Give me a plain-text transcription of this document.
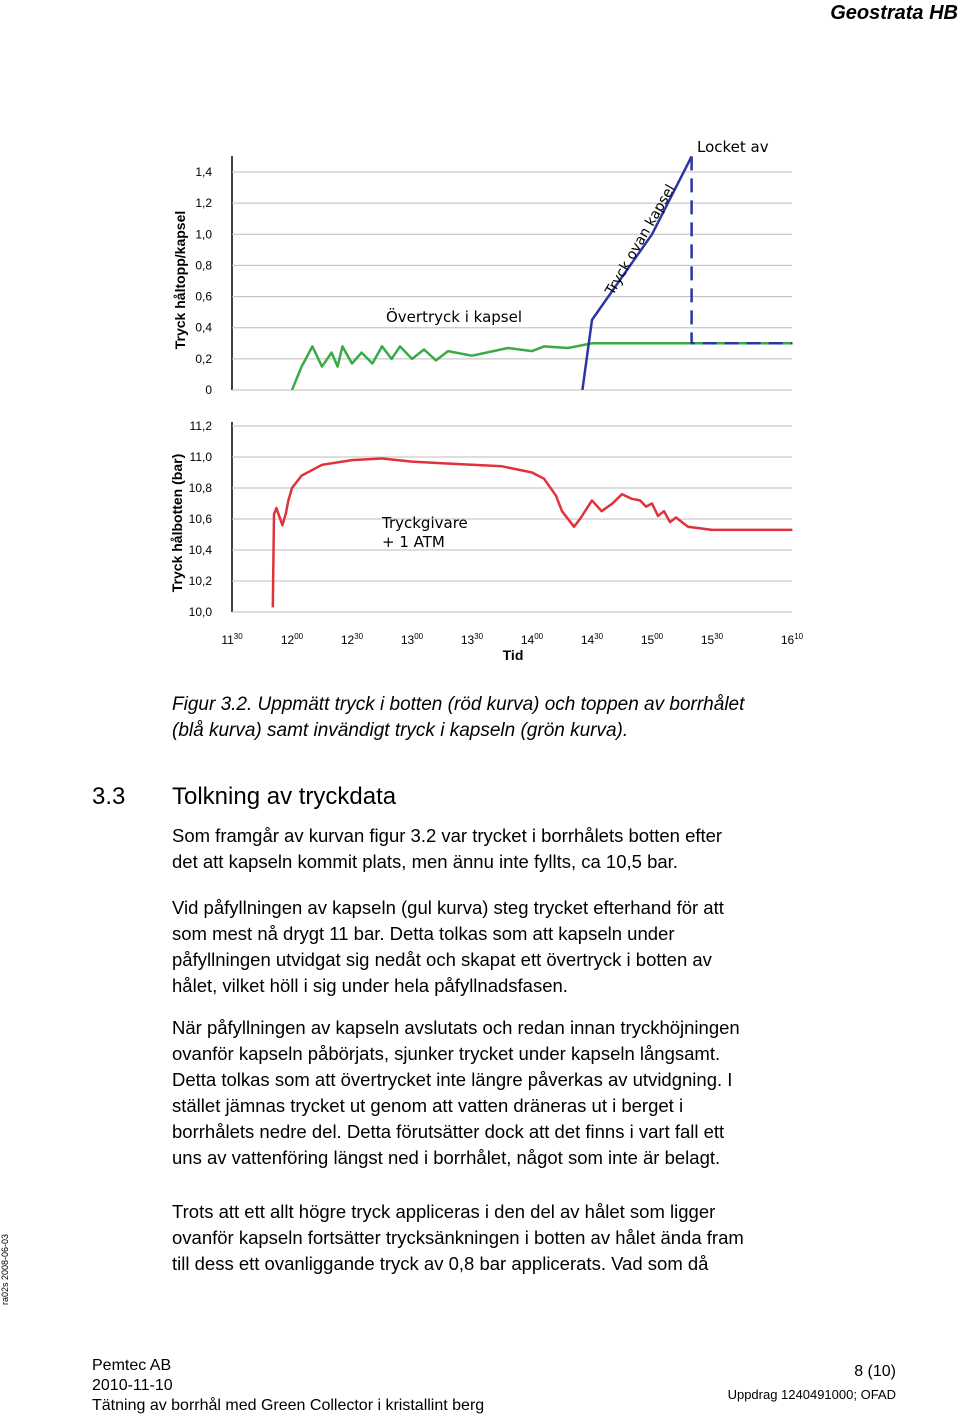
Geostrata HB
ra02s 2008-06-03
1,4
1,2
1,0
0,8
0,6
0,4
0,2
0
Tryck håltopp/kapsel	Övertryck i kapsel
Locket av
Tryck ovan kapsel
11,2
11,0
10,8
10,6
10,4
10,2
10,0
Tryck hålbotten (bar)	Tryckgivare
+ 1 ATM
$11^{30}$	$12^{00}$	$12^{30}$	$13^{00}$	$13^{30}$	$14^{00}$	$14^{30}$	$15^{00}$	$15^{30}$	$16^{10}$
Tid
Figur 3.2. Uppmätt tryck i botten (röd kurva) och toppen av borrhålet
(blå kurva) samt invändigt tryck i kapseln (grön kurva).
3.3 Tolkning av tryckdata
Som framgår av kurvan figur 3.2 var trycket i borrhålets botten efter
det att kapseln kommit plats, men ännu inte fyllts, ca 10,5 bar.
Vid påfyllningen av kapseln (gul kurva) steg trycket efterhand för att
som mest nå drygt 11 bar. Detta tolkas som att kapseln under
påfyllningen utvidgat sig nedåt och skapat ett övertryck i botten av
hålet, vilket höll i sig under hela påfyllnadsfasen.
När påfyllningen av kapseln avslutats och redan innan tryckhöjningen
ovanför kapseln påbörjats, sjunker trycket under kapseln långsamt.
Detta tolkas som att övertrycket inte längre påverkas av utvidgning. I
stället jämnas trycket ut genom att vatten dräneras ut i berget i
borrhålets nedre del. Detta förutsätter dock att det finns i vart fall ett
uns av vattenföring längst ned i borrhålet, något som inte är belagt.
Trots att ett allt högre tryck appliceras i den del av hålet som ligger
ovanför kapseln fortsätter trycksänkningen i botten av hålet ända fram
till dess ett ovanliggande tryck av 0,8 bar applicerats. Vad som då
Pemtec AB
2010-11-10
Tätning av borrhål med Green Collector i kristallint berg
8 (10)
Uppdrag 1240491000; OFAD
